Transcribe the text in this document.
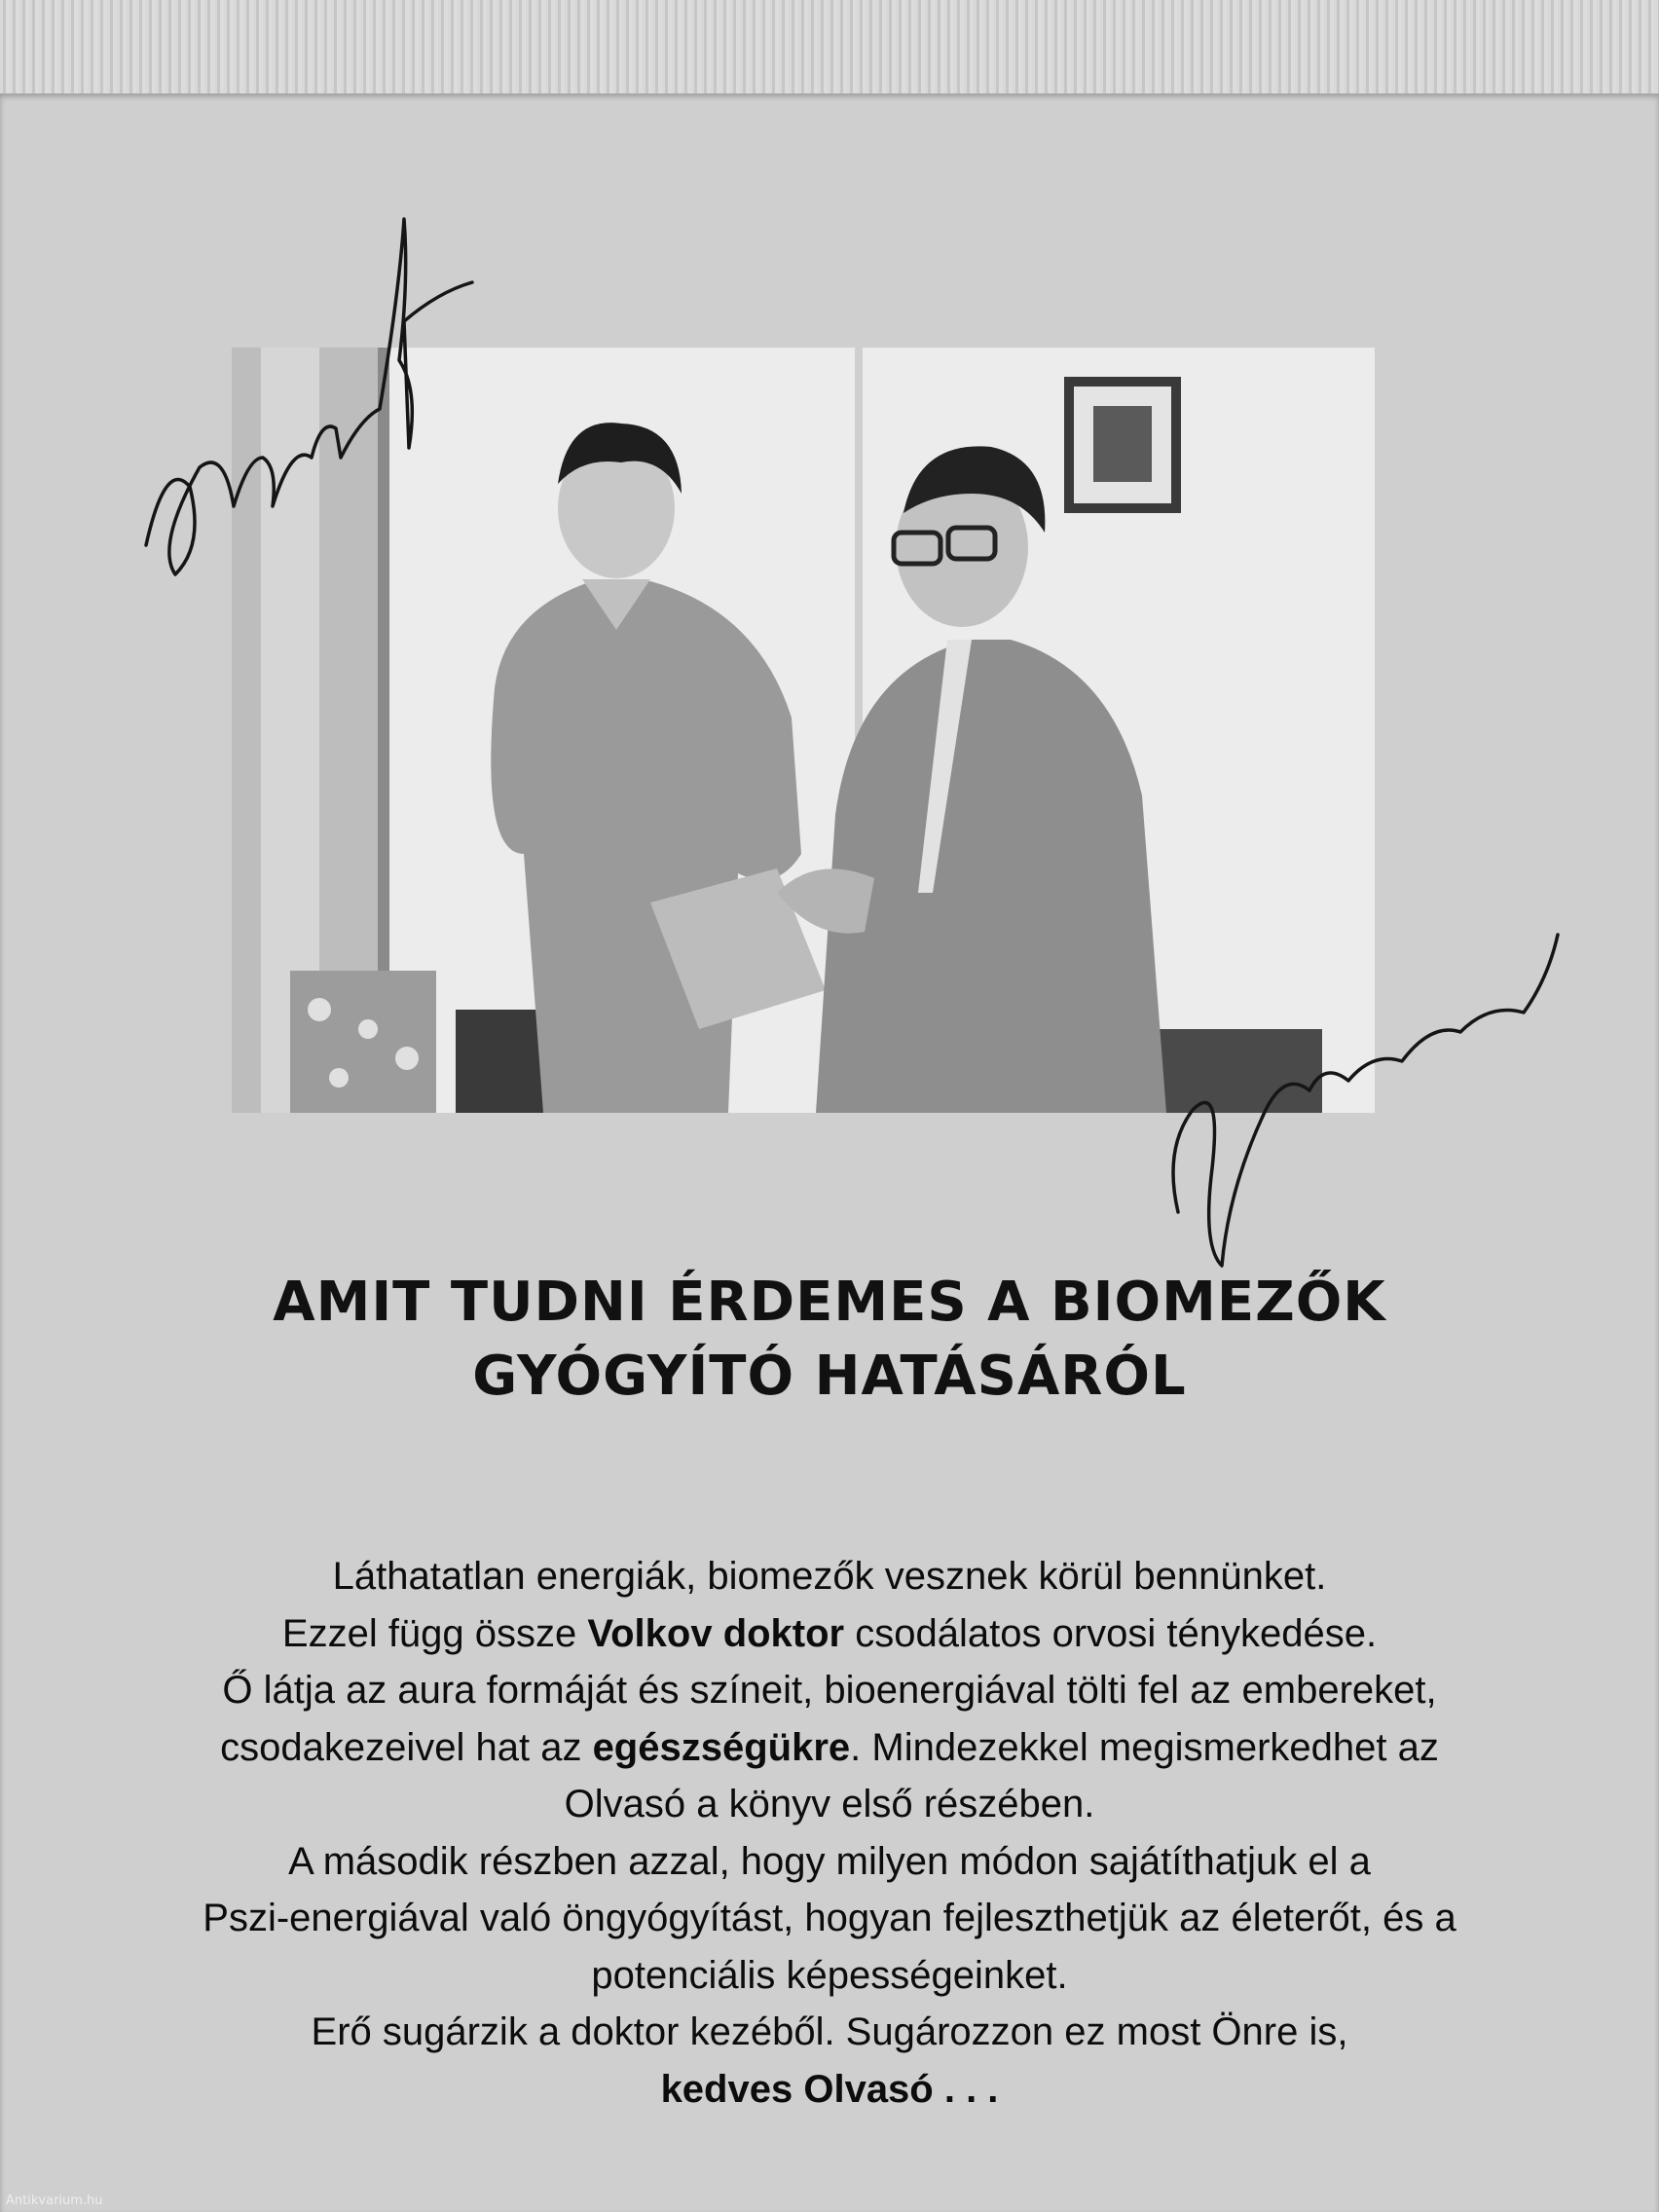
AMIT TUDNI ÉRDEMES A BIOMEZŐK
GYÓGYÍTÓ HATÁSÁRÓL
Láthatatlan energiák, biomezők vesznek körül bennünket.
Ezzel függ össze Volkov doktor csodálatos orvosi ténykedése.
Ő látja az aura formáját és színeit, bioenergiával tölti fel az embereket,
csodakezeivel hat az egészségükre. Mindezekkel megismerkedhet az
Olvasó a könyv első részében.
A második részben azzal, hogy milyen módon sajátíthatjuk el a
Pszi-energiával való öngyógyítást, hogyan fejleszthetjük az életerőt, és a
potenciális képességeinket.
Erő sugárzik a doktor kezéből. Sugározzon ez most Önre is,
kedves Olvasó . . .
Antikvarium.hu
